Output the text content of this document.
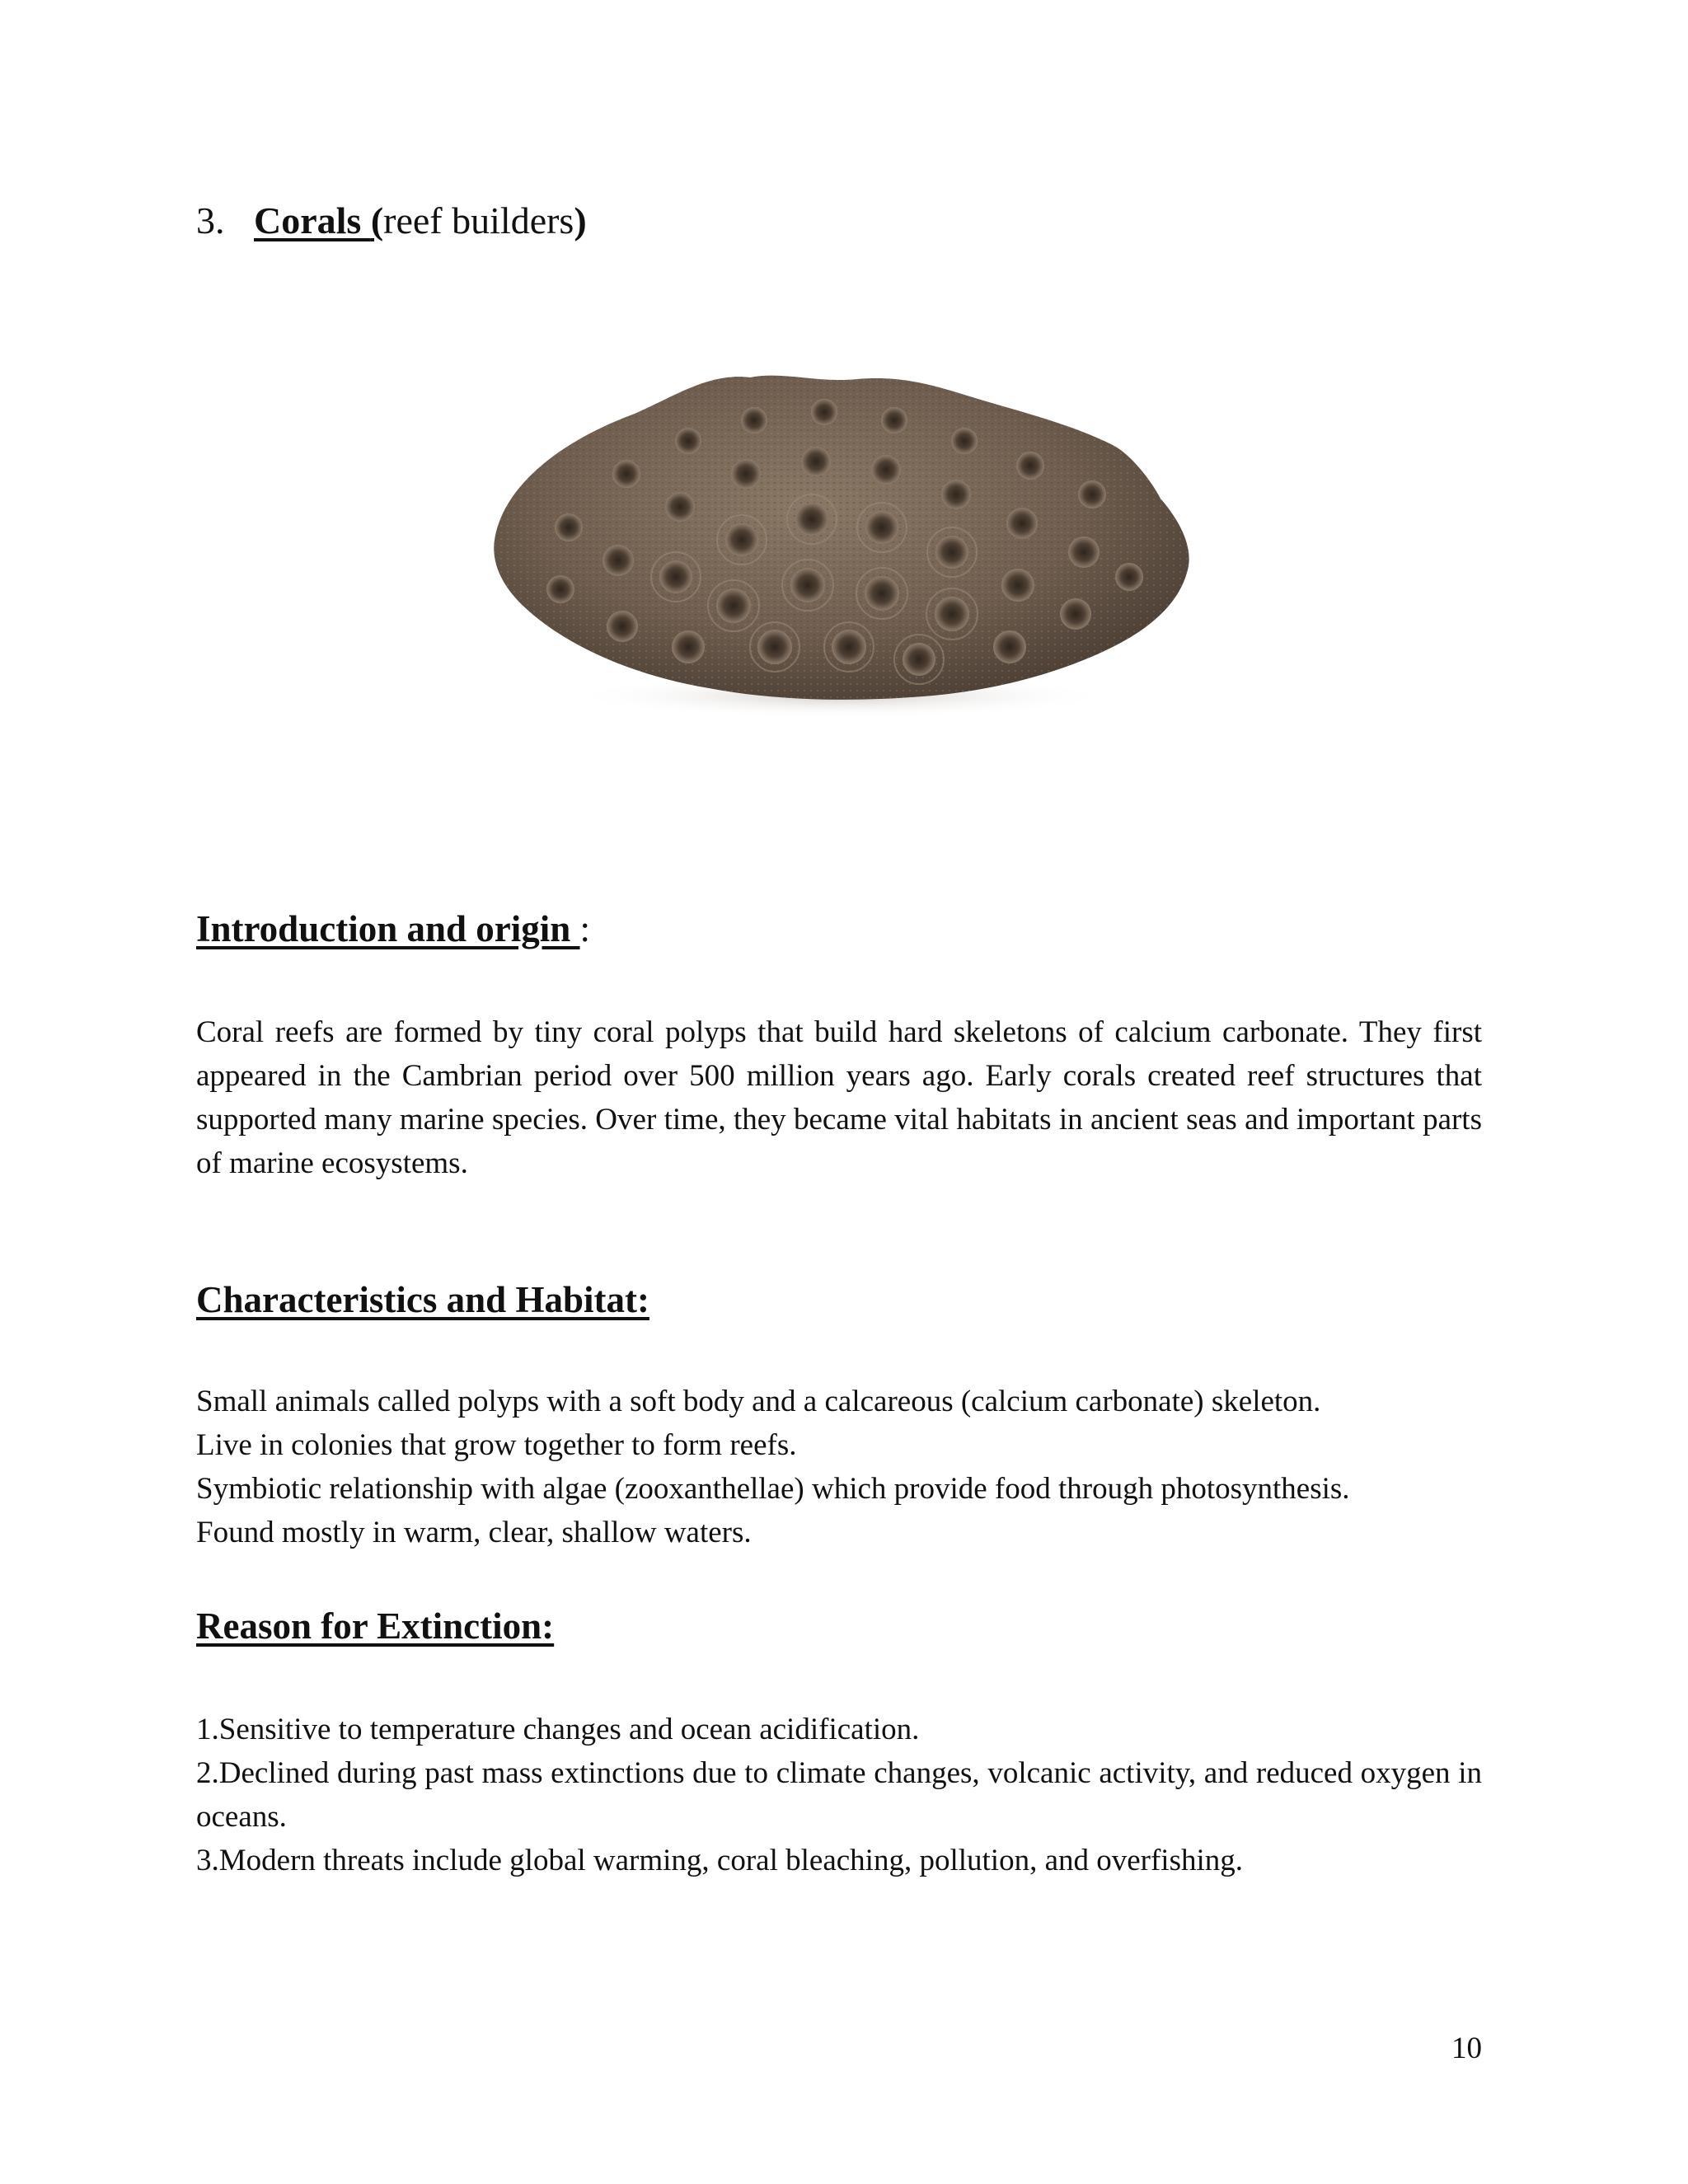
3. Corals (reef builders)
Introduction and origin :
Coral reefs are formed by tiny coral polyps that build hard skeletons of calcium carbonate. They first appeared in the Cambrian period over 500 million years ago. Early corals created reef structures that supported many marine species. Over time, they became vital habitats in ancient seas and important parts of marine ecosystems.
Characteristics and Habitat:
Small animals called polyps with a soft body and a calcareous (calcium carbonate) skeleton.
Live in colonies that grow together to form reefs.
Symbiotic relationship with algae (zooxanthellae) which provide food through photosynthesis.
Found mostly in warm, clear, shallow waters.
Reason for Extinction:
1.Sensitive to temperature changes and ocean acidification.
2.Declined during past mass extinctions due to climate changes, volcanic activity, and reduced oxygen in oceans.
3.Modern threats include global warming, coral bleaching, pollution, and overfishing.
10
